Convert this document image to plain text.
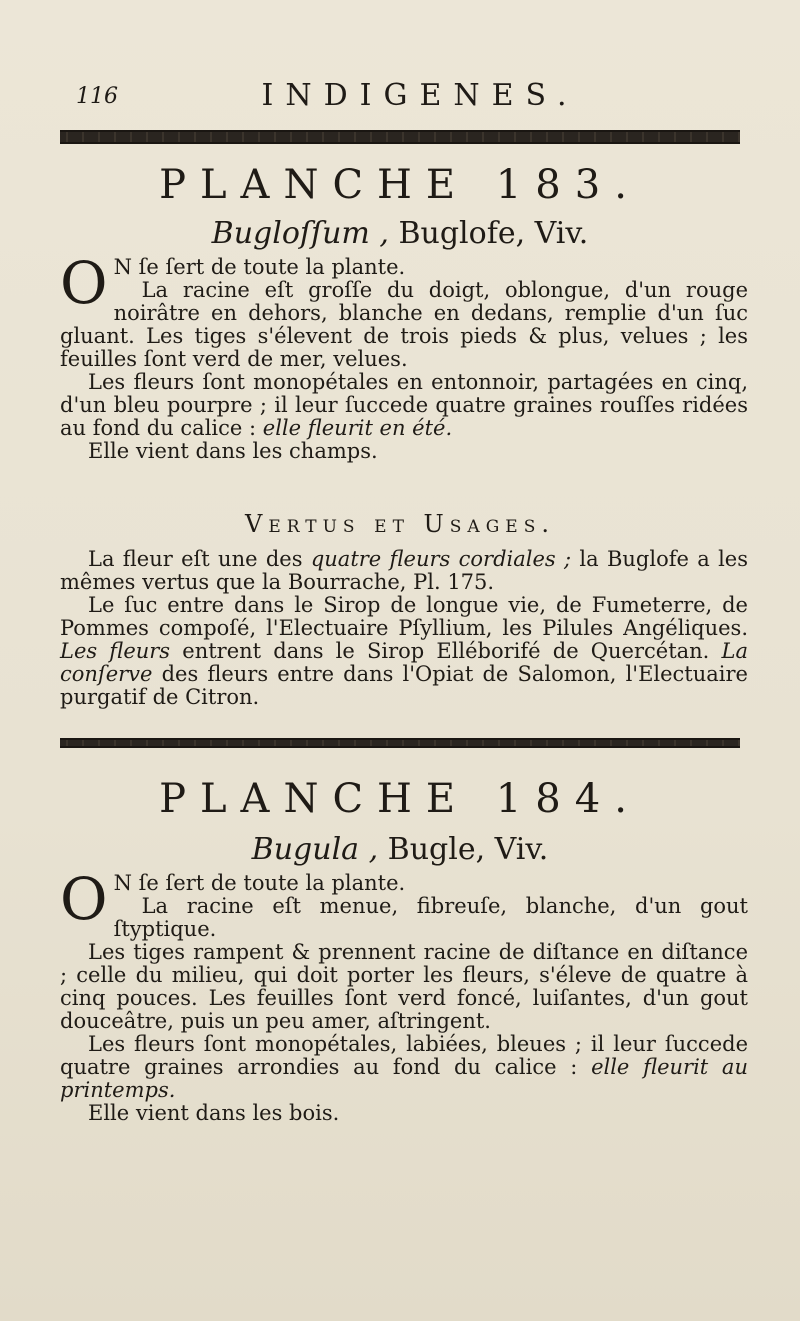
116	INDIGENES.
PLANCHE 183.
Bugloſſum , Buglofe, Viv.

O N ſe ſert de toute la plante.

La racine eſt groſſe du doigt, oblongue, d'un rouge noirâtre en dehors, blanche en dedans, remplie d'un ſuc gluant. Les tiges s'élevent de trois pieds & plus, velues ; les feuilles ſont verd de mer, velues.

Les fleurs ſont monopétales en entonnoir, partagées en cinq, d'un bleu pourpre ; il leur ſuccede quatre graines rouſſes ridées au fond du calice : elle fleurit en été.

Elle vient dans les champs.

Vertus et Usages.

La fleur eſt une des quatre fleurs cordiales ; la Buglofe a les mêmes vertus que la Bourrache, Pl. 175.

Le ſuc entre dans le Sirop de longue vie, de Fumeterre, de Pommes compoſé, l'Electuaire Pſyllium, les Pilules Angéliques. Les fleurs entrent dans le Sirop Elléborifé de Quercétan. La conſerve des fleurs entre dans l'Opiat de Salomon, l'Electuaire purgatif de Citron.

PLANCHE 184.
Bugula , Bugle, Viv.

O N ſe ſert de toute la plante.

La racine eſt menue, fibreuſe, blanche, d'un gout ſtyptique.

Les tiges rampent & prennent racine de diſtance en diſtance ; celle du milieu, qui doit porter les fleurs, s'éleve de quatre à cinq pouces. Les feuilles ſont verd foncé, luiſantes, d'un gout douceâtre, puis un peu amer, aſtringent.

Les fleurs ſont monopétales, labiées, bleues ; il leur ſuccede quatre graines arrondies au fond du calice : elle fleurit au printemps.

Elle vient dans les bois.
